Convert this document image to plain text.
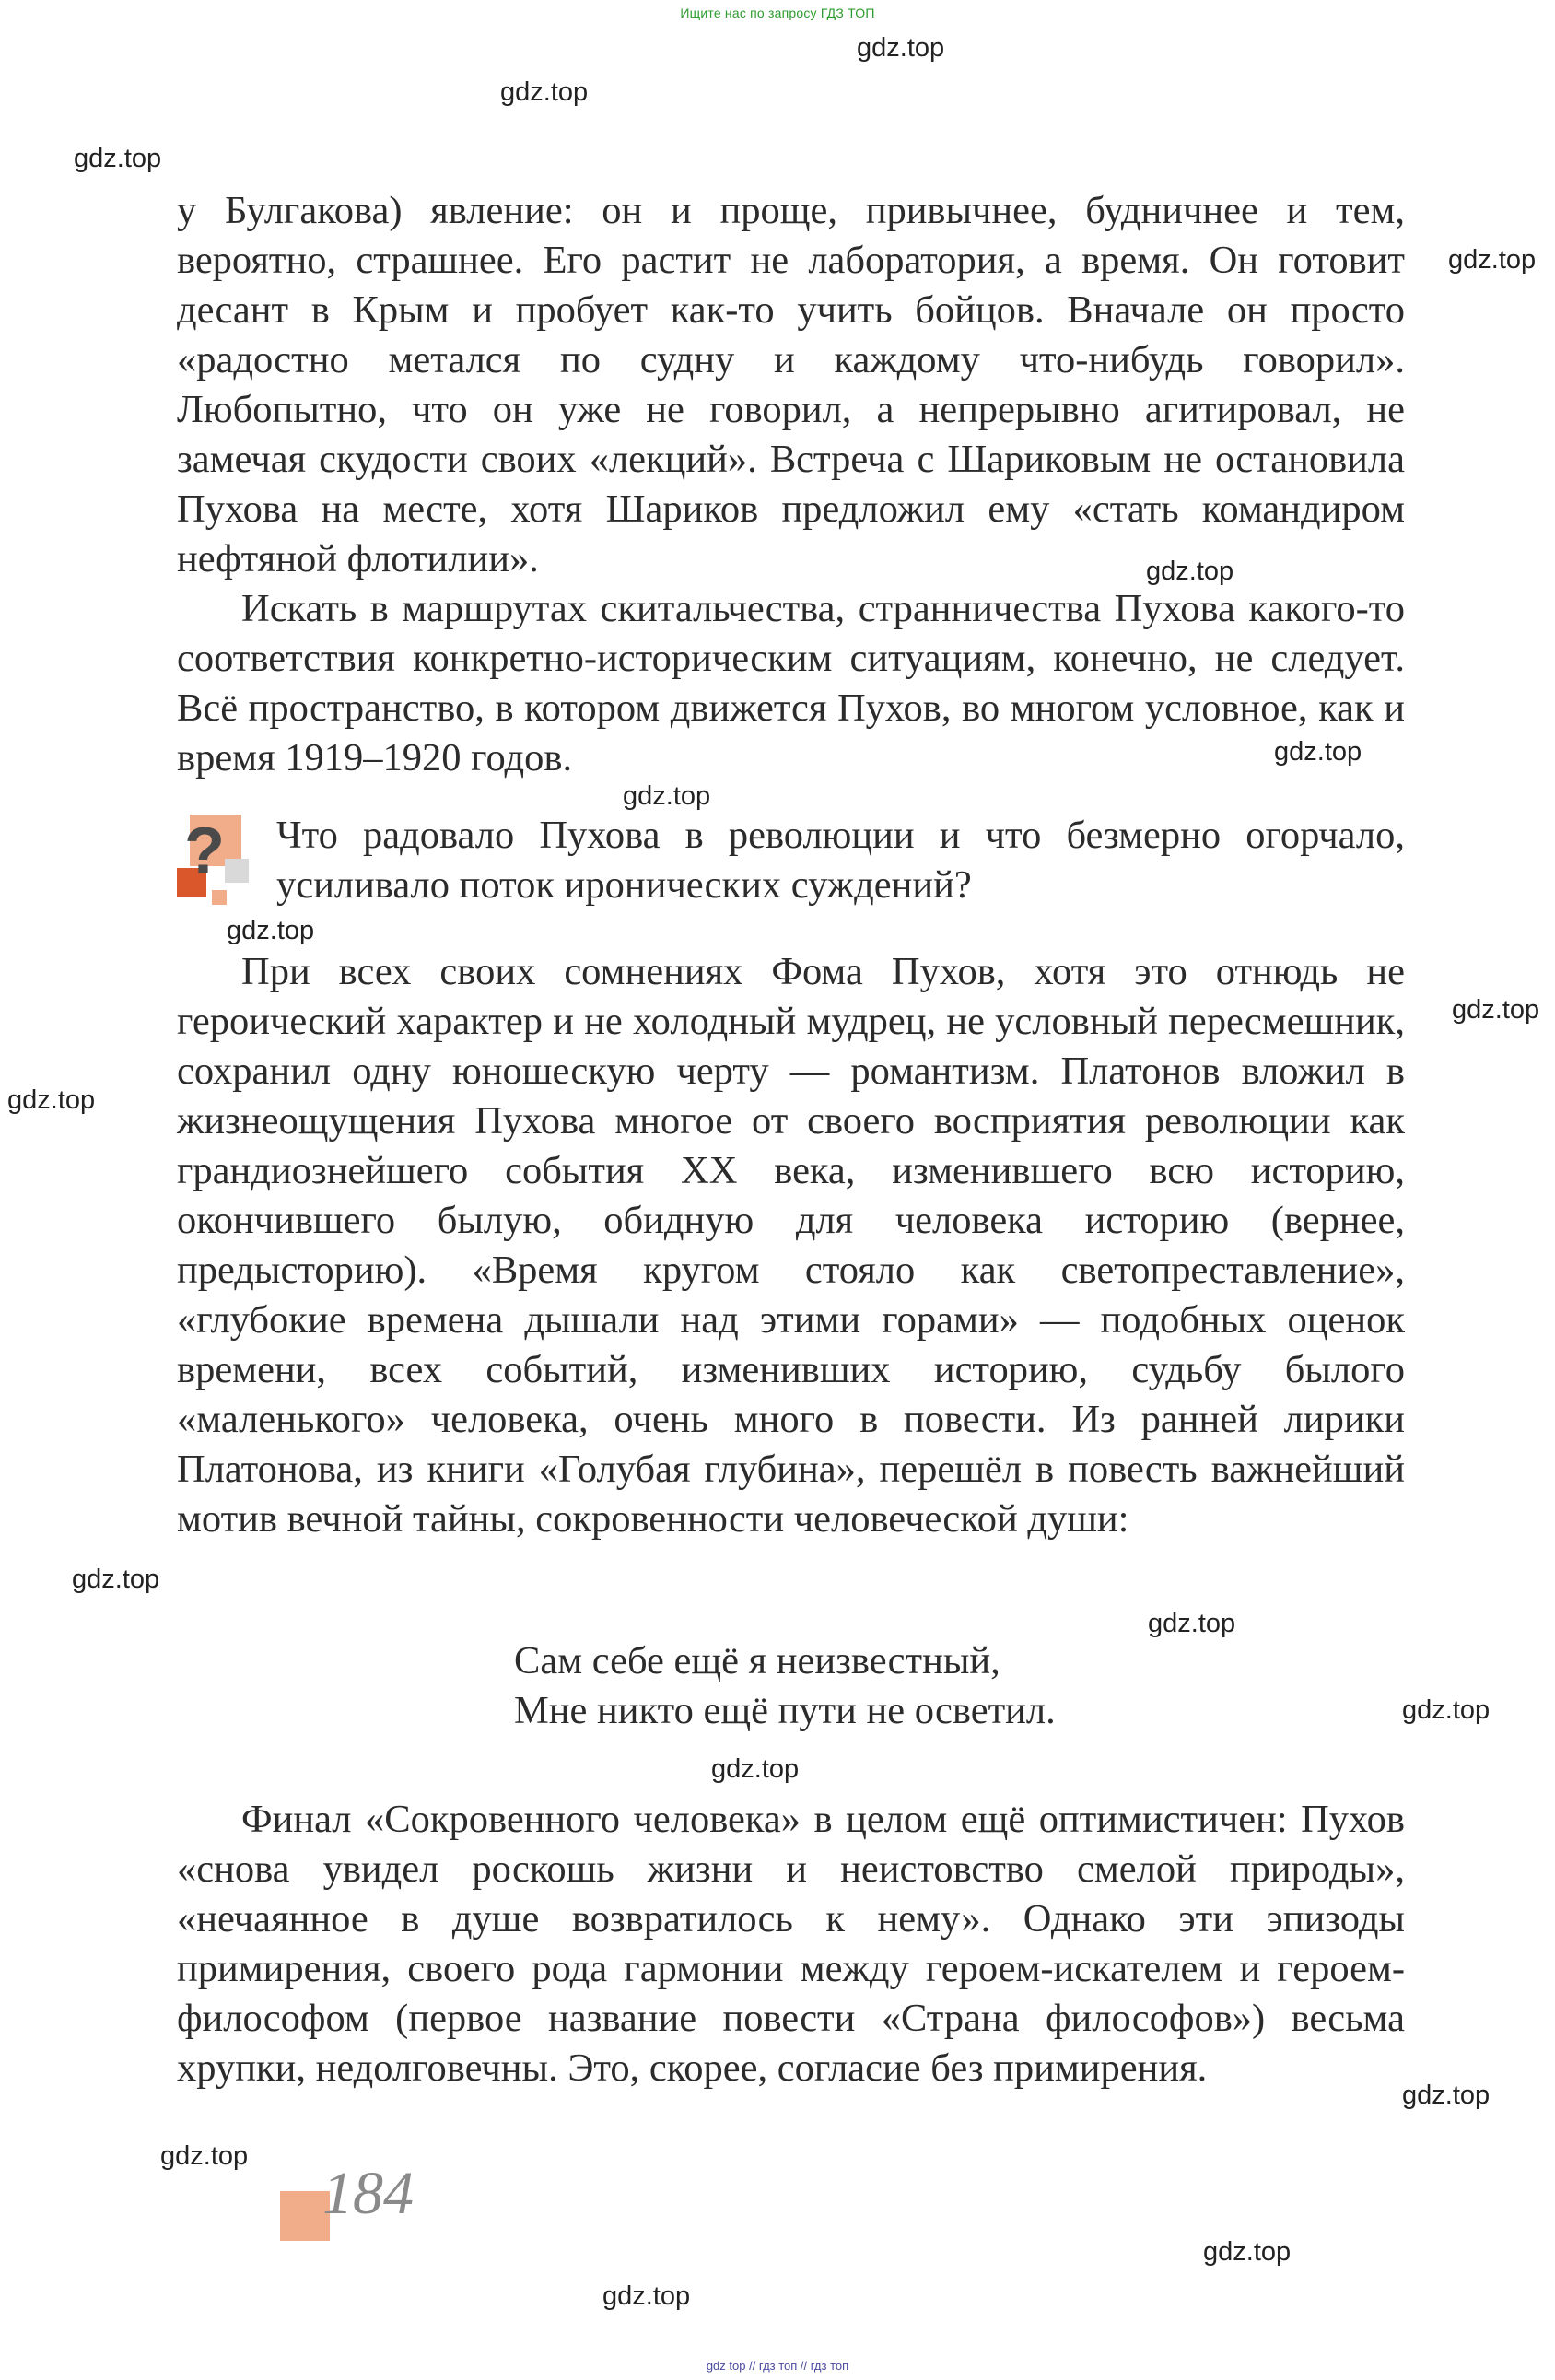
Ищите нас по запросу ГДЗ ТОП
gdz.top
gdz.top
gdz.top
gdz.top
gdz.top
gdz.top
gdz.top
gdz.top
gdz.top
gdz.top
gdz.top
gdz.top
gdz.top
gdz.top
gdz.top
gdz.top
gdz.top
gdz.top

у Булгакова) явление: он и проще, привычнее, будничнее и тем, вероятно, страшнее. Его растит не лаборатория, а время. Он готовит десант в Крым и пробует как-то учить бойцов. Вначале он просто «радостно метался по судну и каждому что-нибудь говорил». Любопытно, что он уже не говорил, а непрерывно агитировал, не замечая скудости своих «лекций». Встреча с Шариковым не остановила Пухова на месте, хотя Шариков предложил ему «стать командиром нефтяной флотилии».

Искать в маршрутах скитальчества, странничества Пухова какого-то соответствия конкретно-историческим ситуациям, конечно, не следует. Всё пространство, в котором движется Пухов, во многом условное, как и время 1919–1920 годов.

? Что радовало Пухова в революции и что безмерно огорчало, усиливало поток иронических суждений?

При всех своих сомнениях Фома Пухов, хотя это отнюдь не героический характер и не холодный мудрец, не условный пересмешник, сохранил одну юношескую черту — романтизм. Платонов вложил в жизнеощущения Пухова многое от своего восприятия революции как грандиознейшего события XX века, изменившего всю историю, окончившего былую, обидную для человека историю (вернее, предысторию). «Время кругом стояло как светопреставление», «глубокие времена дышали над этими горами» — подобных оценок времени, всех событий, изменивших историю, судьбу былого «маленького» человека, очень много в повести. Из ранней лирики Платонова, из книги «Голубая глубина», перешёл в повесть важнейший мотив вечной тайны, сокровенности человеческой души:

Сам себе ещё я неизвестный,
Мне никто ещё пути не осветил.

Финал «Сокровенного человека» в целом ещё оптимистичен: Пухов «снова увидел роскошь жизни и неистовство смелой природы», «нечаянное в душе возвратилось к нему». Однако эти эпизоды примирения, своего рода гармонии между героем-искателем и героем-философом (первое название повести «Страна философов») весьма хрупки, недолговечны. Это, скорее, согласие без примирения.

184
gdz top // гдз топ // гдз топ
